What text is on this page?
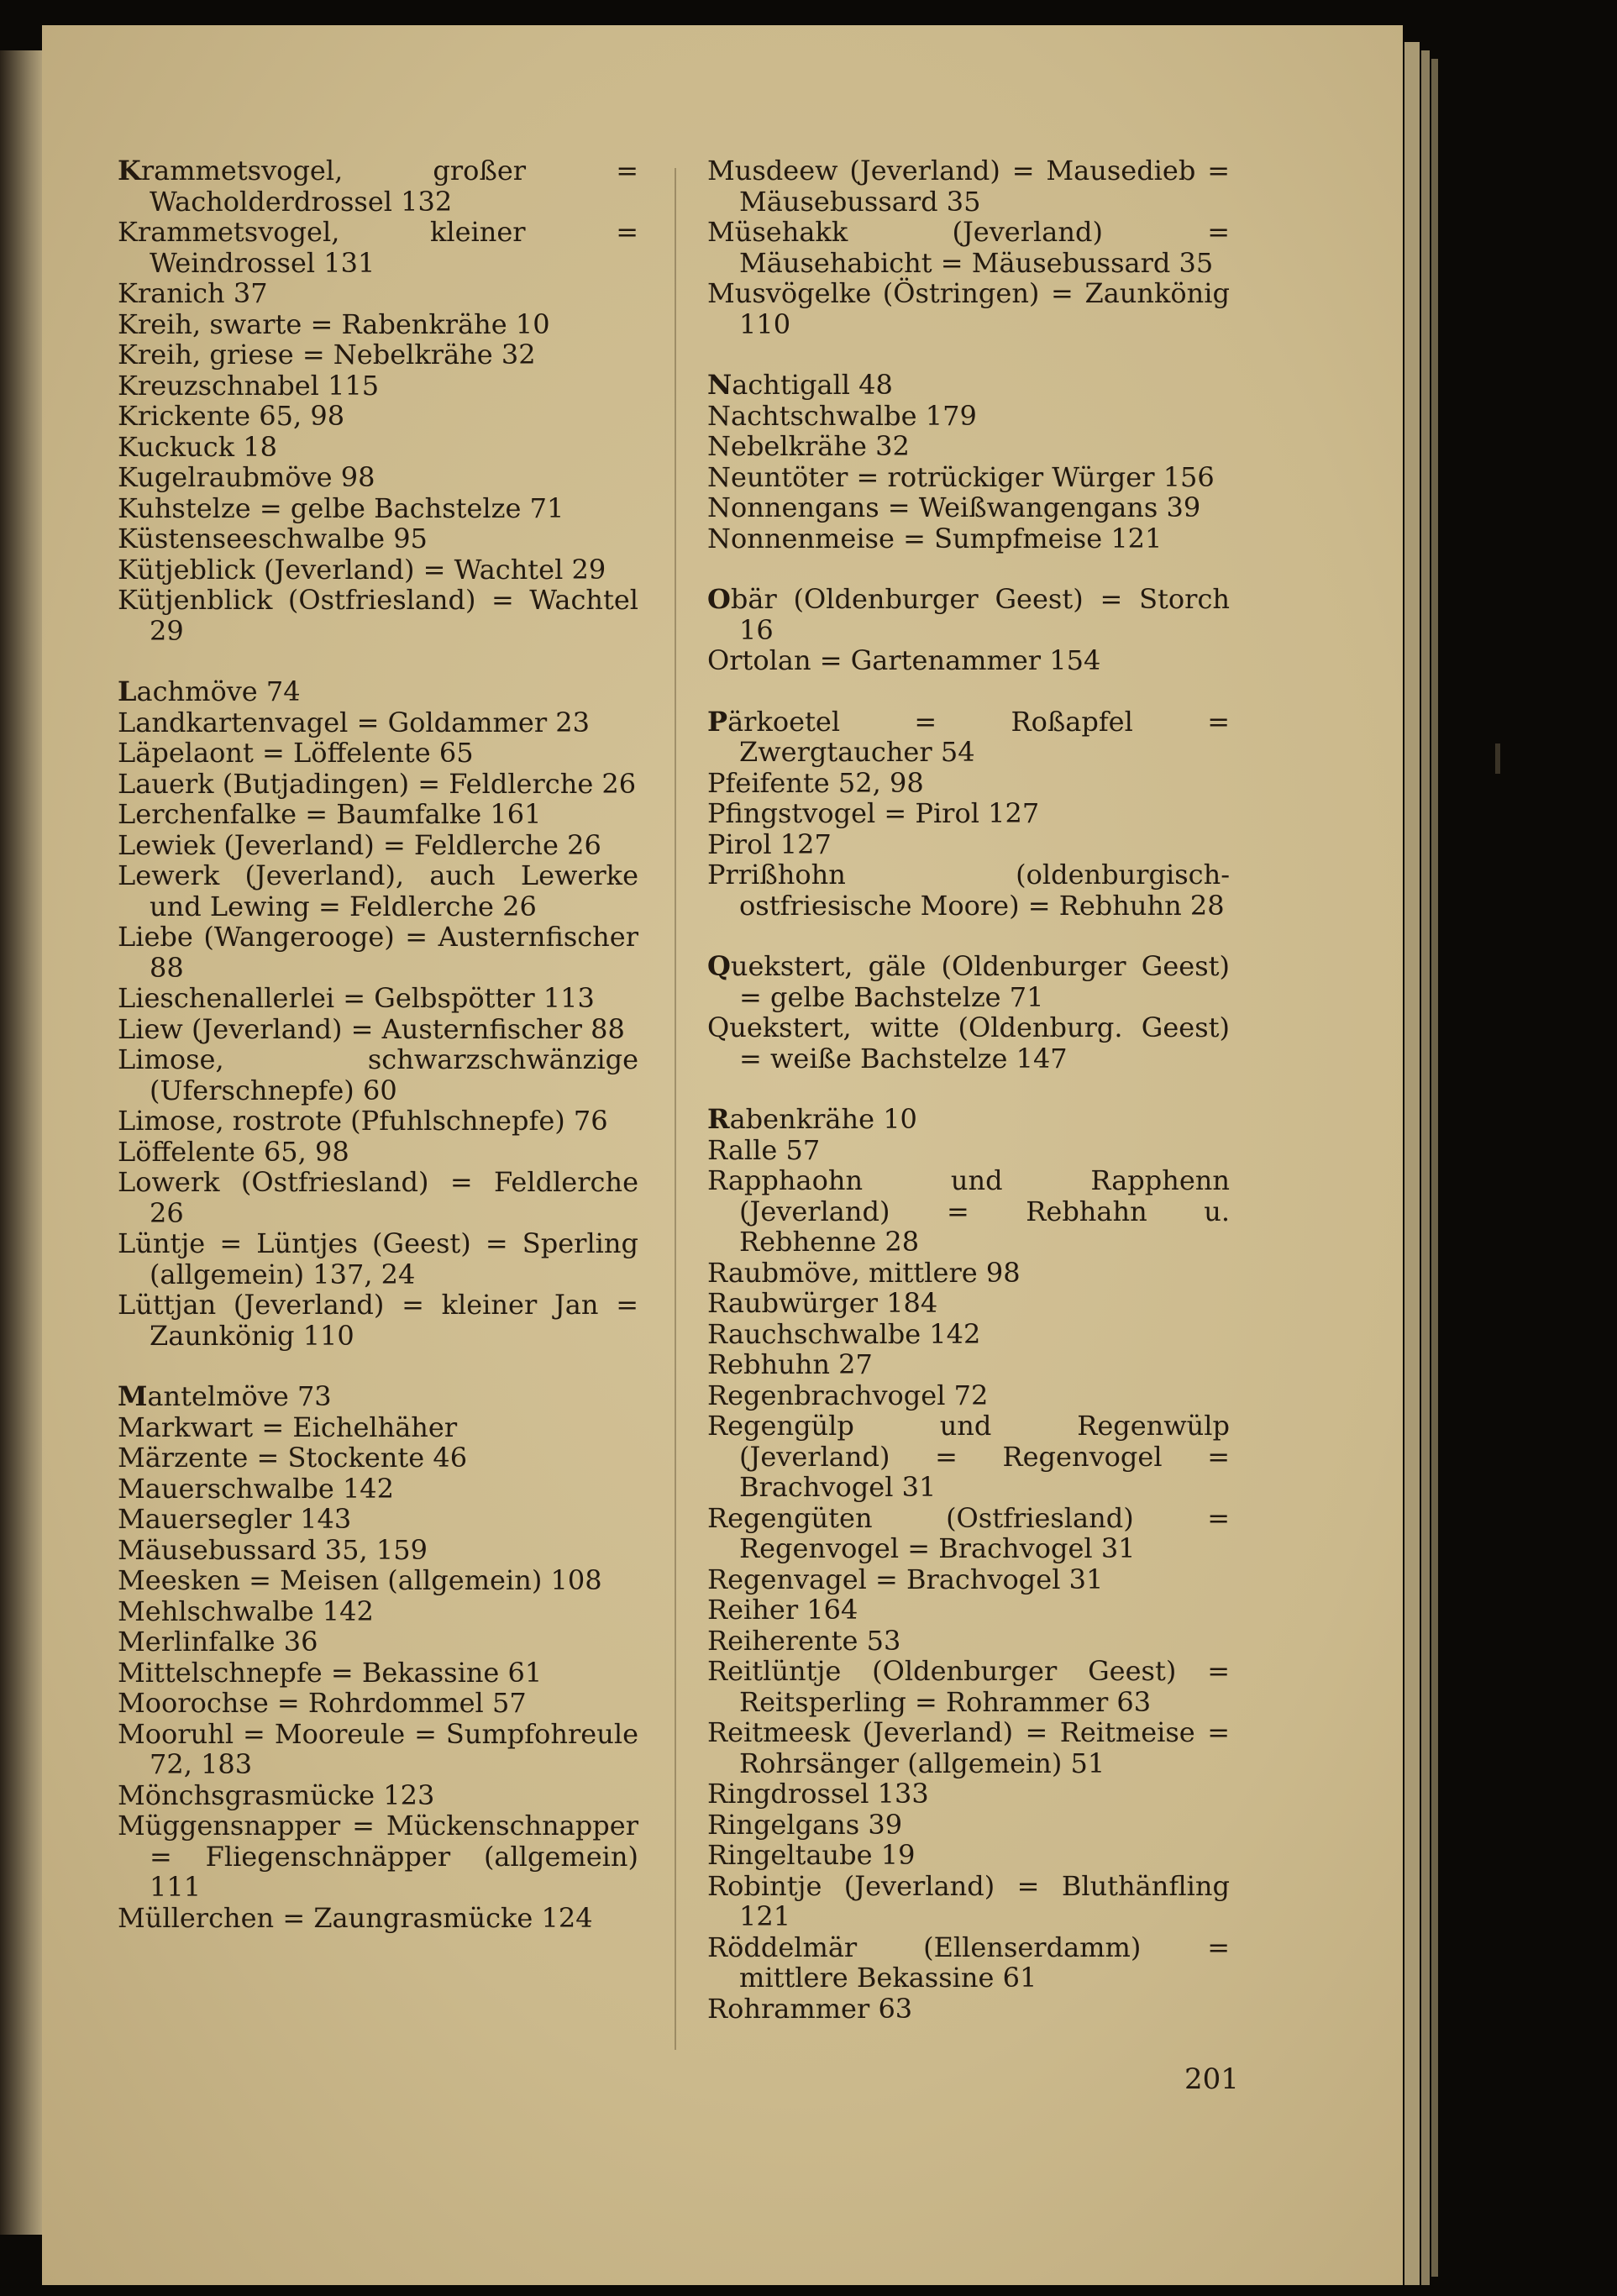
Krammetsvogel, großer = Wacholderdrossel 132
Krammetsvogel, kleiner = Weindrossel 131
Kranich 37
Kreih, swarte = Rabenkrähe 10
Kreih, griese = Nebelkrähe 32
Kreuzschnabel 115
Krickente 65, 98
Kuckuck 18
Kugelraubmöve 98
Kuhstelze = gelbe Bachstelze 71
Küstenseeschwalbe 95
Kütjeblick (Jeverland) = Wachtel 29
Kütjenblick (Ostfriesland) = Wachtel 29
Lachmöve 74
Landkartenvagel = Goldammer 23
Läpelaont = Löffelente 65
Lauerk (Butjadingen) = Feldlerche 26
Lerchenfalke = Baumfalke 161
Lewiek (Jeverland) = Feldlerche 26
Lewerk (Jeverland), auch Lewerke und Lewing = Feldlerche 26
Liebe (Wangerooge) = Austernfischer 88
Lieschenallerlei = Gelbspötter 113
Liew (Jeverland) = Austernfischer 88
Limose, schwarzschwänzige (Uferschnepfe) 60
Limose, rostrote (Pfuhlschnepfe) 76
Löffelente 65, 98
Lowerk (Ostfriesland) = Feldlerche 26
Lüntje = Lüntjes (Geest) = Sperling (allgemein) 137, 24
Lüttjan (Jeverland) = kleiner Jan = Zaunkönig 110
Mantelmöve 73
Markwart = Eichelhäher
Märzente = Stockente 46
Mauerschwalbe 142
Mauersegler 143
Mäusebussard 35, 159
Meesken = Meisen (allgemein) 108
Mehlschwalbe 142
Merlinfalke 36
Mittelschnepfe = Bekassine 61
Moorochse = Rohrdommel 57
Mooruhl = Mooreule = Sumpfohreule 72, 183
Mönchsgrasmücke 123
Müggensnapper = Mückenschnapper = Fliegenschnäpper (allgemein) 111
Müllerchen = Zaungrasmücke 124
Musdeew (Jeverland) = Mausedieb = Mäusebussard 35
Müsehakk (Jeverland) = Mäusehabicht = Mäusebussard 35
Musvögelke (Östringen) = Zaunkönig 110
Nachtigall 48
Nachtschwalbe 179
Nebelkrähe 32
Neuntöter = rotrückiger Würger 156
Nonnengans = Weißwangengans 39
Nonnenmeise = Sumpfmeise 121
Obär (Oldenburger Geest) = Storch 16
Ortolan = Gartenammer 154
Pärkoetel = Roßapfel = Zwergtaucher 54
Pfeifente 52, 98
Pfingstvogel = Pirol 127
Pirol 127
Prrißhohn (oldenburgisch-ostfriesische Moore) = Rebhuhn 28
Quekstert, gäle (Oldenburger Geest) = gelbe Bachstelze 71
Quekstert, witte (Oldenburg. Geest) = weiße Bachstelze 147
Rabenkrähe 10
Ralle 57
Rapphaohn und Rapphenn (Jeverland) = Rebhahn u. Rebhenne 28
Raubmöve, mittlere 98
Raubwürger 184
Rauchschwalbe 142
Rebhuhn 27
Regenbrachvogel 72
Regengülp und Regenwülp (Jeverland) = Regenvogel = Brachvogel 31
Regengüten (Ostfriesland) = Regenvogel = Brachvogel 31
Regenvagel = Brachvogel 31
Reiher 164
Reiherente 53
Reitlüntje (Oldenburger Geest) = Reitsperling = Rohrammer 63
Reitmeesk (Jeverland) = Reitmeise = Rohrsänger (allgemein) 51
Ringdrossel 133
Ringelgans 39
Ringeltaube 19
Robintje (Jeverland) = Bluthänfling 121
Röddelmär (Ellenserdamm) = mittlere Bekassine 61
Rohrammer 63
201
